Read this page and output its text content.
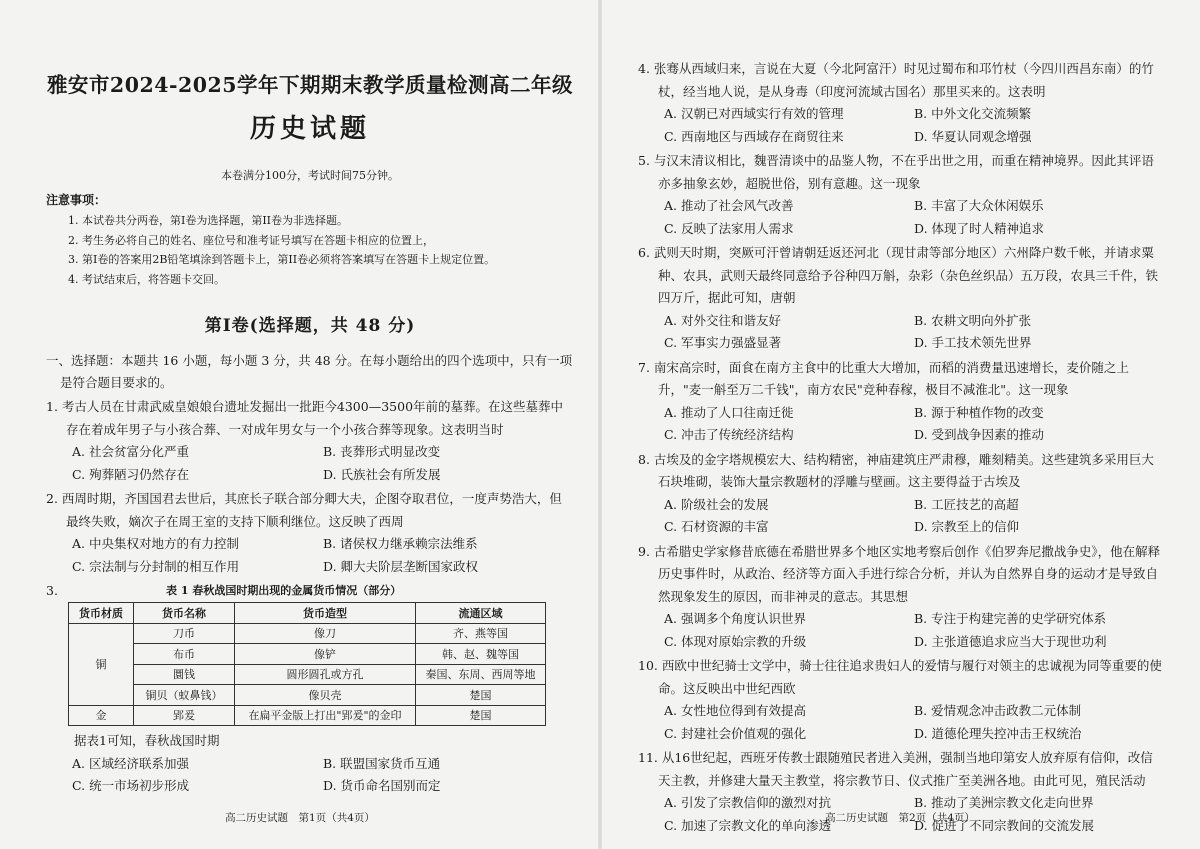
雅安市2024-2025学年下期期末教学质量检测高二年级
历史试题
本卷满分100分，考试时间75分钟。
注意事项：
1. 本试卷共分两卷，第I卷为选择题，第II卷为非选择题。
2. 考生务必将自己的姓名、座位号和准考证号填写在答题卡相应的位置上，
3. 第I卷的答案用2B铅笔填涂到答题卡上，第II卷必须将答案填写在答题卡上规定位置。
4. 考试结束后，将答题卡交回。
第I卷(选择题，共 48 分)
一、选择题：本题共 16 小题，每小题 3 分，共 48 分。在每小题给出的四个选项中，只有一项是符合题目要求的。
1. 考古人员在甘肃武威皇娘娘台遗址发掘出一批距今4300—3500年前的墓葬。在这些墓葬中存在着成年男子与小孩合葬、一对成年男女与一个小孩合葬等现象。这表明当时
A. 社会贫富分化严重	B. 丧葬形式明显改变
C. 殉葬陋习仍然存在	D. 氏族社会有所发展
2. 西周时期，齐国国君去世后，其庶长子联合部分卿大夫，企图夺取君位，一度声势浩大，但最终失败，嫡次子在周王室的支持下顺利继位。这反映了西周
A. 中央集权对地方的有力控制	B. 诸侯权力继承赖宗法维系
C. 宗法制与分封制的相互作用	D. 卿大夫阶层垄断国家政权
3.	表 1 春秋战国时期出现的金属货币情况（部分）
货币材质	货币名称	货币造型	流通区域
铜	刀币	像刀	齐、燕等国
	布币	像铲	韩、赵、魏等国
	圜钱	圆形圆孔或方孔	秦国、东周、西周等地
	铜贝（蚁鼻钱）	像贝壳	楚国
金	郢爰	在扁平金版上打出"郢爰"的金印	楚国
据表1可知，春秋战国时期
A. 区域经济联系加强	B. 联盟国家货币互通
C. 统一市场初步形成	D. 货币命名国别而定
高二历史试题　第1页（共4页）
4. 张骞从西域归来，言说在大夏（今北阿富汗）时见过蜀布和邛竹杖（今四川西昌东南）的竹杖，经当地人说，是从身毒（印度河流域古国名）那里买来的。这表明
A. 汉朝已对西域实行有效的管理	B. 中外文化交流频繁
C. 西南地区与西域存在商贸往来	D. 华夏认同观念增强
5. 与汉末清议相比，魏晋清谈中的品鉴人物，不在乎出世之用，而重在精神境界。因此其评语亦多抽象玄妙，超脱世俗，别有意趣。这一现象
A. 推动了社会风气改善	B. 丰富了大众休闲娱乐
C. 反映了法家用人需求	D. 体现了时人精神追求
6. 武则天时期，突厥可汗曾请朝廷返还河北（现甘肃等部分地区）六州降户数千帐，并请求粟种、农具，武则天最终同意给予谷种四万斛，杂彩（杂色丝织品）五万段，农具三千件，铁四万斤，据此可知，唐朝
A. 对外交往和谐友好	B. 农耕文明向外扩张
C. 军事实力强盛显著	D. 手工技术领先世界
7. 南宋高宗时，面食在南方主食中的比重大大增加，而稻的消费量迅速增长，麦价随之上升，"麦一斛至万二千钱"，南方农民"竞种春稼，极目不减淮北"。这一现象
A. 推动了人口往南迁徙	B. 源于种植作物的改变
C. 冲击了传统经济结构	D. 受到战争因素的推动
8. 古埃及的金字塔规模宏大、结构精密，神庙建筑庄严肃穆，雕刻精美。这些建筑多采用巨大石块堆砌，装饰大量宗教题材的浮雕与壁画。这主要得益于古埃及
A. 阶级社会的发展	B. 工匠技艺的高超
C. 石材资源的丰富	D. 宗教至上的信仰
9. 古希腊史学家修昔底德在希腊世界多个地区实地考察后创作《伯罗奔尼撒战争史》，他在解释历史事件时，从政治、经济等方面入手进行综合分析，并认为自然界自身的运动才是导致自然现象发生的原因，而非神灵的意志。其思想
A. 强调多个角度认识世界	B. 专注于构建完善的史学研究体系
C. 体现对原始宗教的升级	D. 主张道德追求应当大于现世功利
10. 西欧中世纪骑士文学中，骑士往往追求贵妇人的爱情与履行对领主的忠诚视为同等重要的使命。这反映出中世纪西欧
A. 女性地位得到有效提高	B. 爱情观念冲击政教二元体制
C. 封建社会价值观的强化	D. 道德伦理失控冲击王权统治
11. 从16世纪起，西班牙传教士跟随殖民者进入美洲，强制当地印第安人放弃原有信仰，改信天主教，并修建大量天主教堂，将宗教节日、仪式推广至美洲各地。由此可见，殖民活动
A. 引发了宗教信仰的激烈对抗	B. 推动了美洲宗教文化走向世界
C. 加速了宗教文化的单向渗透	D. 促进了不同宗教间的交流发展
高二历史试题　第2页（共4页）
